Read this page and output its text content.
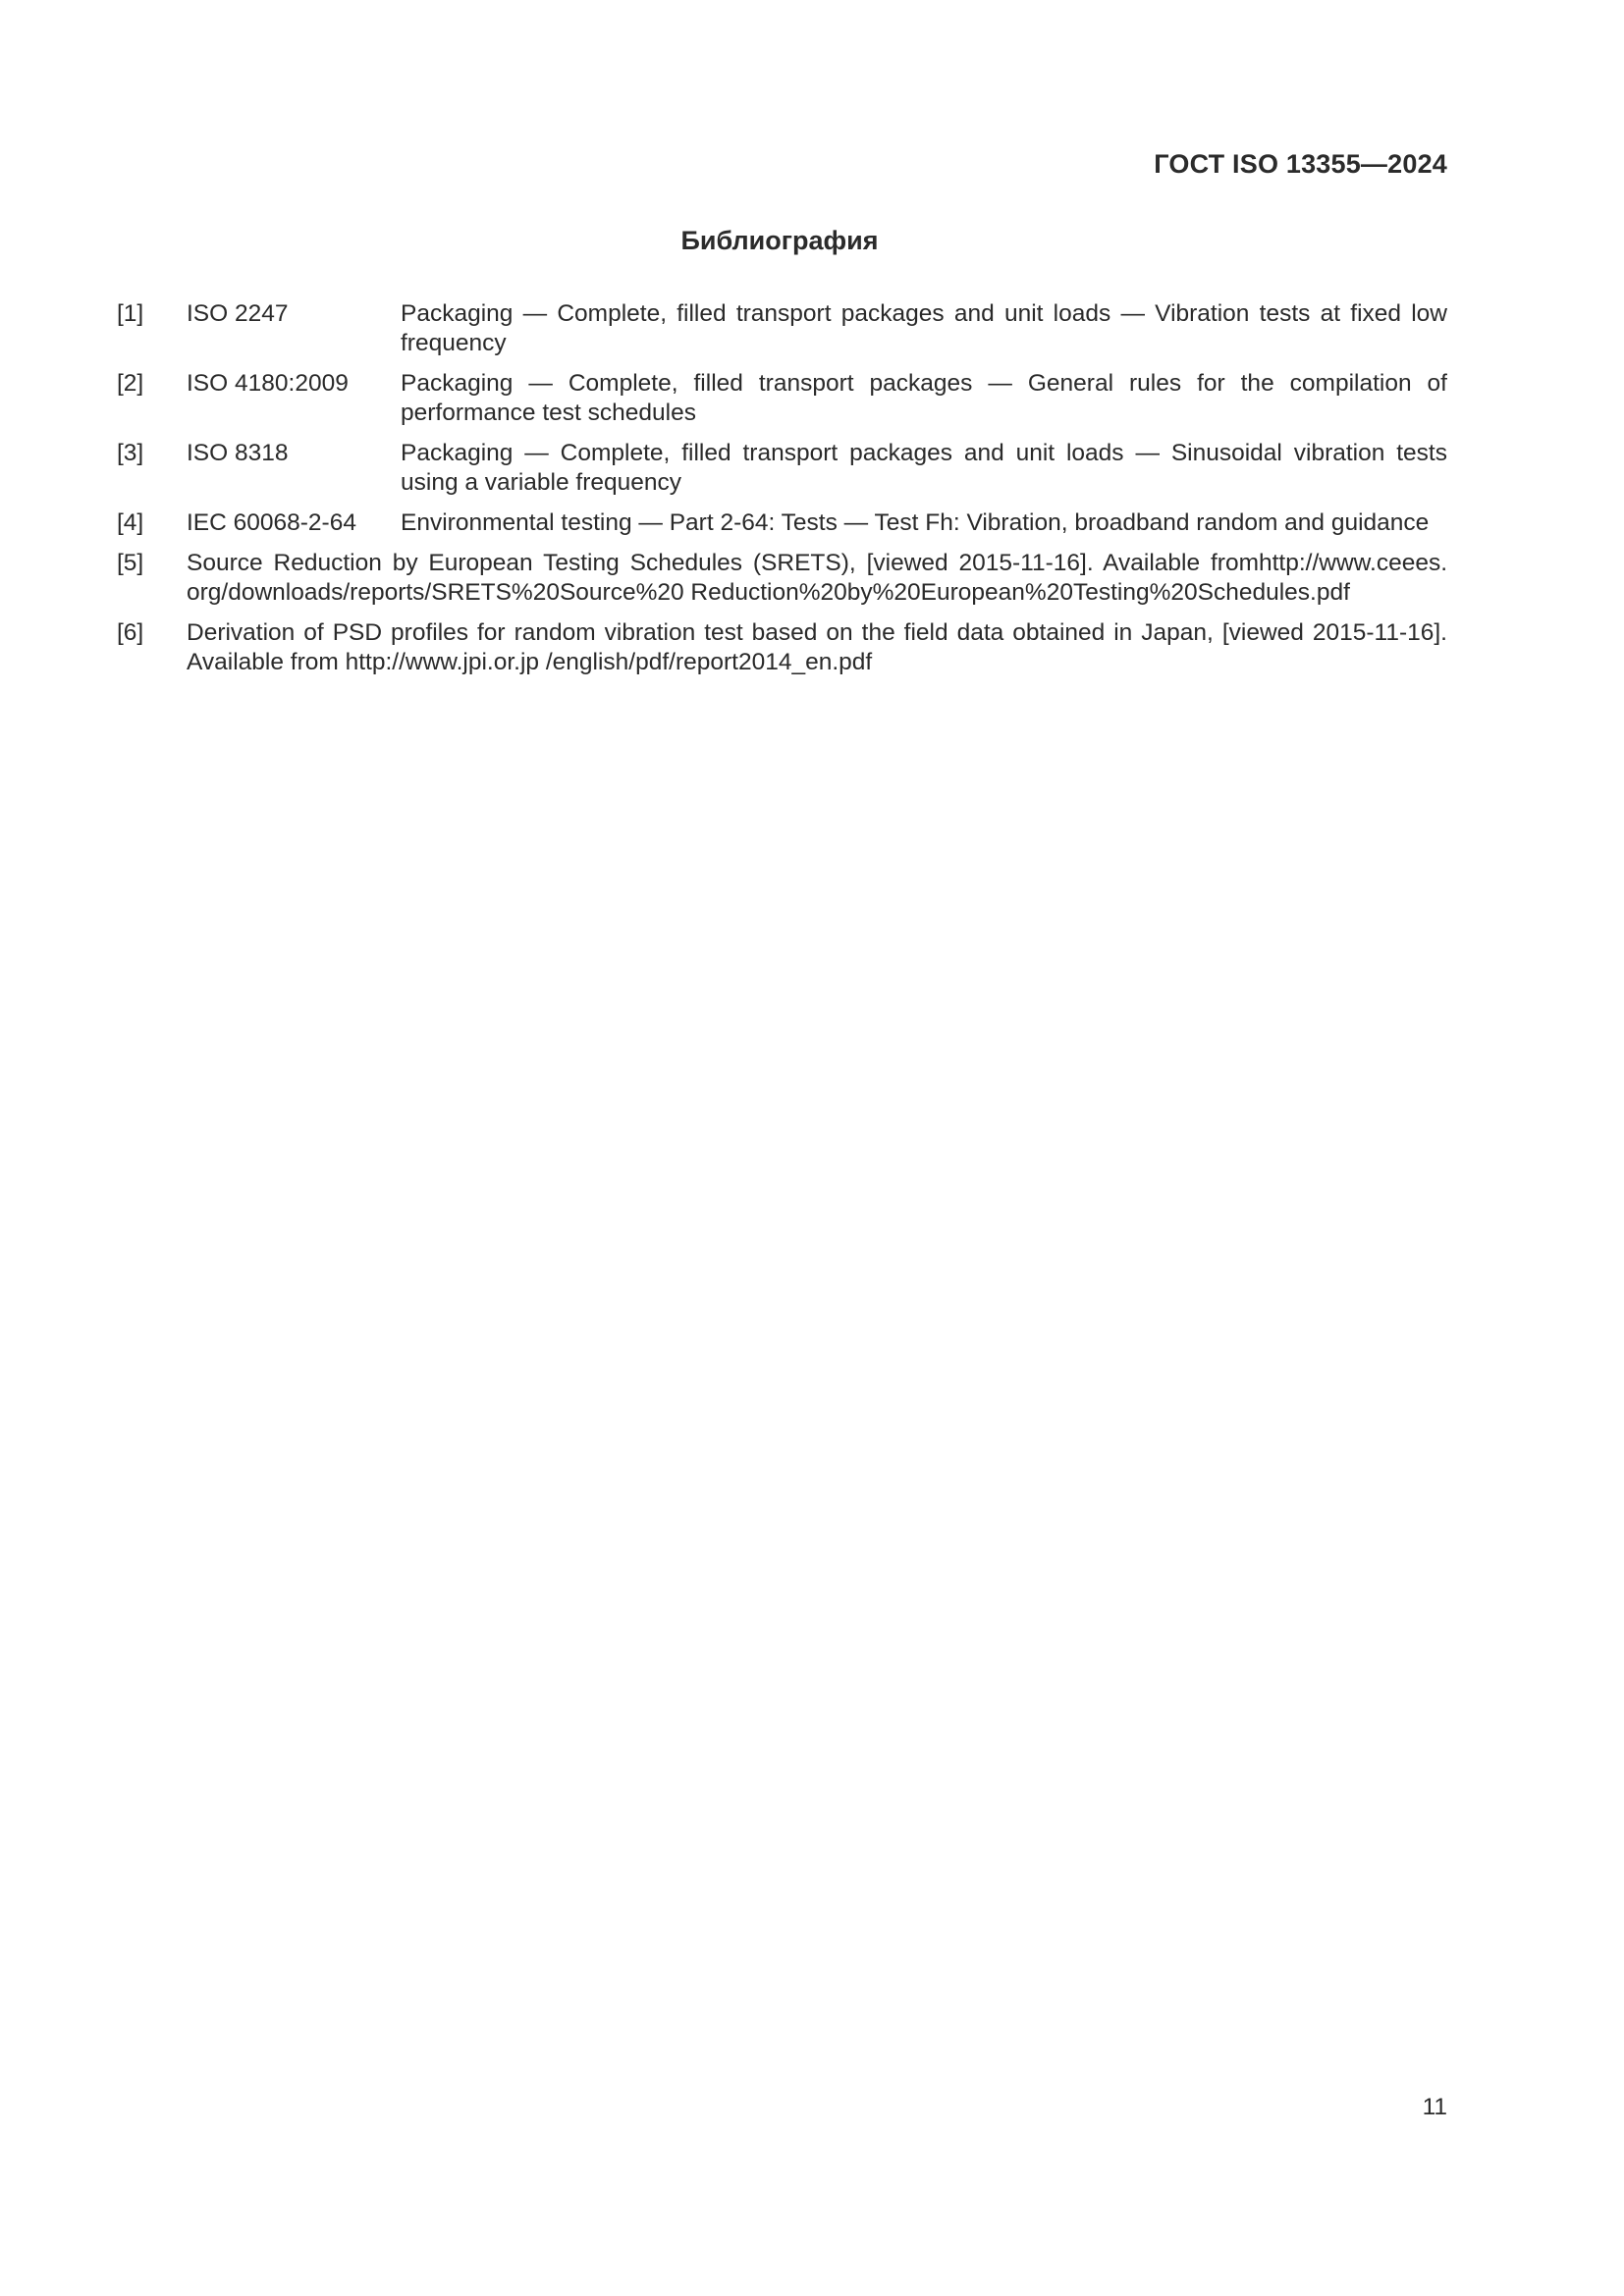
ГОСТ ISO 13355—2024
Библиография
[1] ISO 2247	Packaging — Complete, filled transport packages and unit loads — Vibration tests at fixed low frequency
[2] ISO 4180:2009 Packaging — Complete, filled transport packages — General rules for the compilation of performance test schedules
[3] ISO 8318	Packaging — Complete, filled transport packages and unit loads — Sinusoidal vibration tests using a variable frequency
[4] IEC 60068-2-64 Environmental testing — Part 2-64: Tests — Test Fh: Vibration, broadband random and guidance
[5] Source Reduction by European Testing Schedules (SRETS), [viewed 2015-11-16]. Available fromhttp://www.ceees.
org/downloads/reports/SRETS%20Source%20 Reduction%20by%20European%20Testing%20Schedules.pdf
[6] Derivation of PSD profiles for random vibration test based on the field data obtained in Japan, [viewed 2015-11-16].
Available from http://www.jpi.or.jp /english/pdf/report2014_en.pdf
11
